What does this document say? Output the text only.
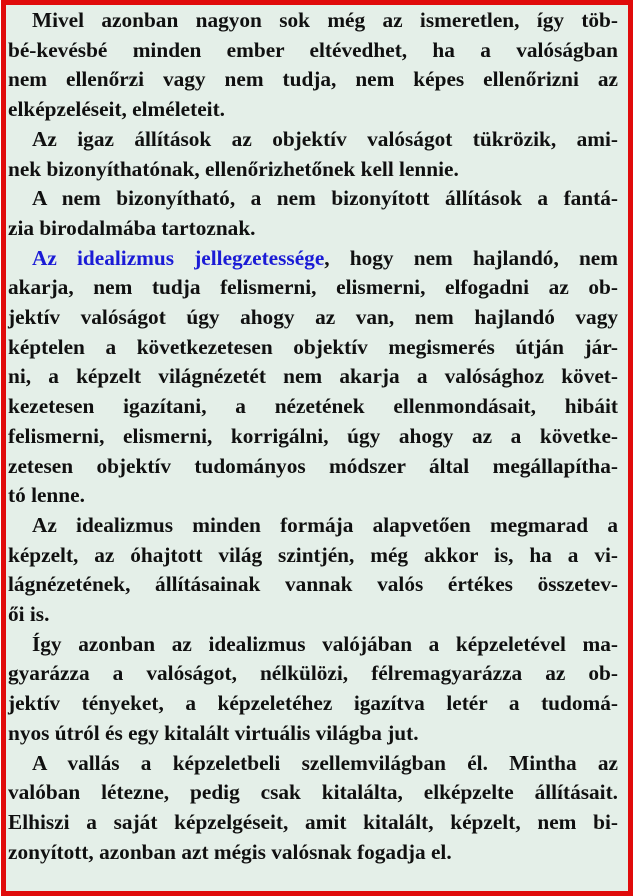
Mivel azonban nagyon sok még az ismeretlen, így töb-
bé-kevésbé minden ember eltévedhet, ha a valóságban
nem ellenőrzi vagy nem tudja, nem képes ellenőrizni az
elképzeléseit, elméleteit.
Az igaz állítások az objektív valóságot tükrözik, ami-
nek bizonyíthatónak, ellenőrizhetőnek kell lennie.
A nem bizonyítható, a nem bizonyított állítások a fantá-
zia birodalmába tartoznak.
Az idealizmus jellegzetessége, hogy nem hajlandó, nem
akarja, nem tudja felismerni, elismerni, elfogadni az ob-
jektív valóságot úgy ahogy az van, nem hajlandó vagy
képtelen a következetesen objektív megismerés útján jár-
ni, a képzelt világnézetét nem akarja a valósághoz követ-
kezetesen igazítani, a nézetének ellenmondásait, hibáit
felismerni, elismerni, korrigálni, úgy ahogy az a követke-
zetesen objektív tudományos módszer által megállapítha-
tó lenne.
Az idealizmus minden formája alapvetően megmarad a
képzelt, az óhajtott világ szintjén, még akkor is, ha a vi-
lágnézetének, állításainak vannak valós értékes összetev-
ői is.
Így azonban az idealizmus valójában a képzeletével ma-
gyarázza a valóságot, nélkülözi, félremagyarázza az ob-
jektív tényeket, a képzeletéhez igazítva letér a tudomá-
nyos útról és egy kitalált virtuális világba jut.
A vallás a képzeletbeli szellemvilágban él. Mintha az
valóban létezne, pedig csak kitalálta, elképzelte állításait.
Elhiszi a saját képzelgéseit, amit kitalált, képzelt, nem bi-
zonyított, azonban azt mégis valósnak fogadja el.
